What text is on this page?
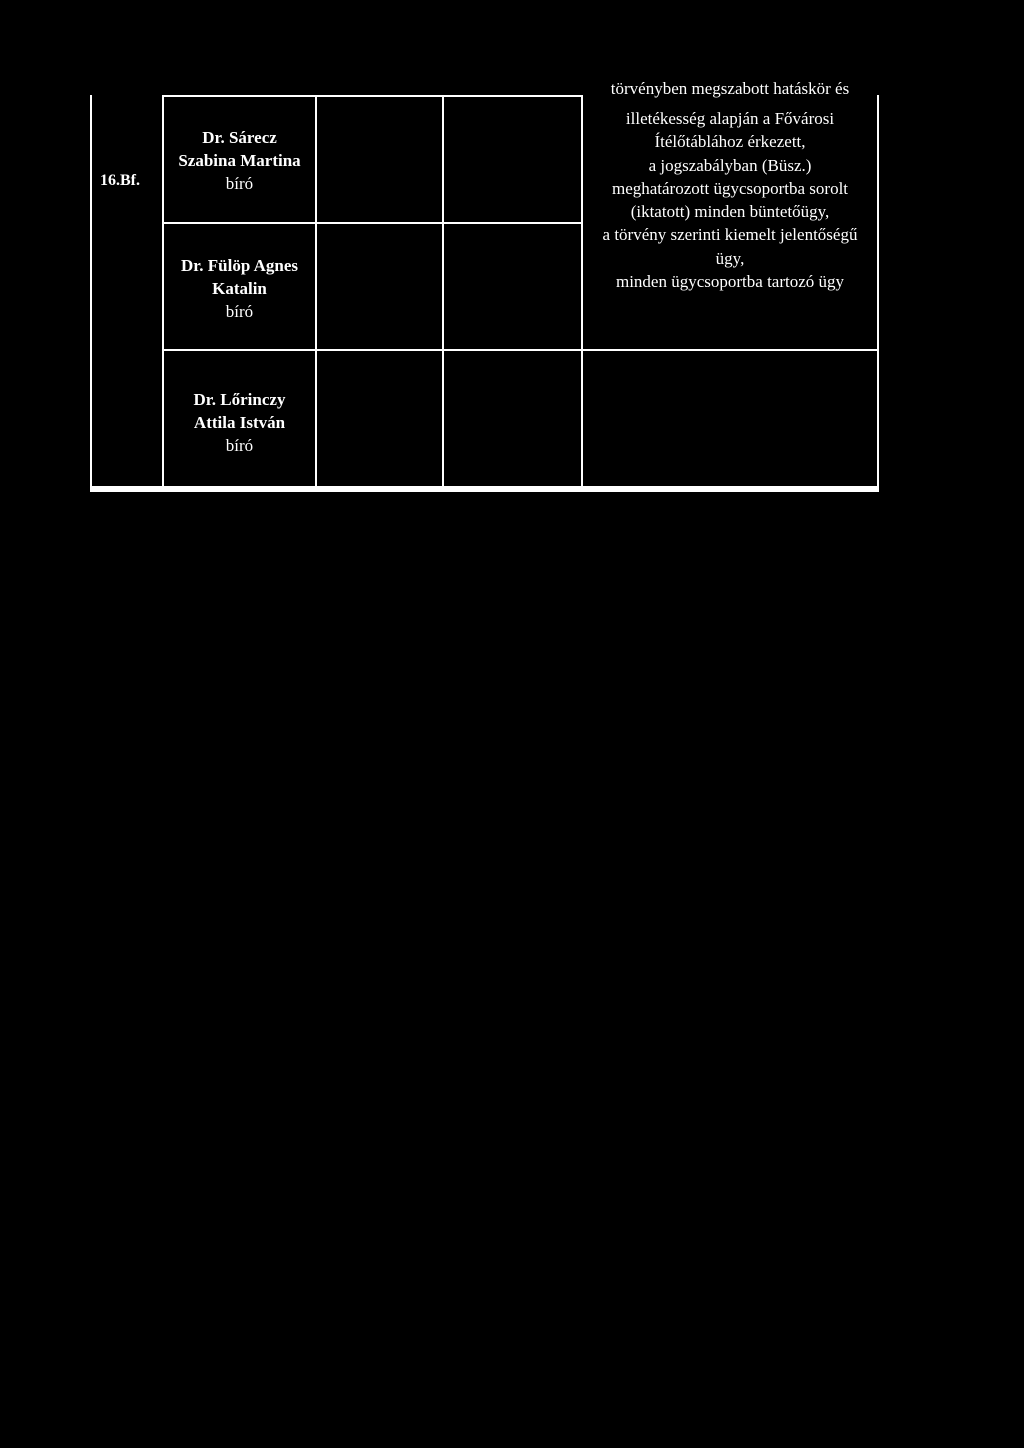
16.Bf.
Dr. Sárecz
Szabina Martina
bíró
Dr. Fülöp Agnes
Katalin
bíró
Dr. Lőrinczy
Attila István
bíró
törvényben megszabott hatáskör és
illetékesség alapján a Fővárosi
Ítélőtáblához érkezett,
a jogszabályban (Büsz.)
meghatározott ügycsoportba sorolt
(iktatott) minden büntetőügy,
a törvény szerinti kiemelt jelentőségű
ügy,
minden ügycsoportba tartozó ügy
